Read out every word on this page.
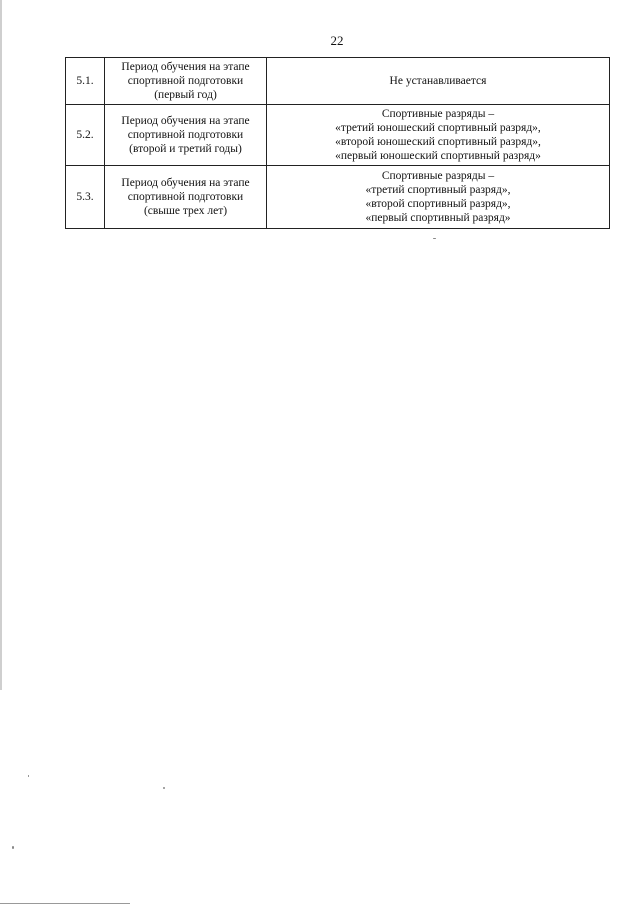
22
5.1.	Период обучения на этапе
спортивной подготовки
(первый год)	Не устанавливается

5.2.	Период обучения на этапе
спортивной подготовки
(второй и третий годы)	Спортивные разряды –
«третий юношеский спортивный разряд»,
«второй юношеский спортивный разряд»,
«первый юношеский спортивный разряд»

5.3.	Период обучения на этапе
спортивной подготовки
(свыше трех лет)	Спортивные разряды –
«третий спортивный разряд»,
«второй спортивный разряд»,
«первый спортивный разряд»
